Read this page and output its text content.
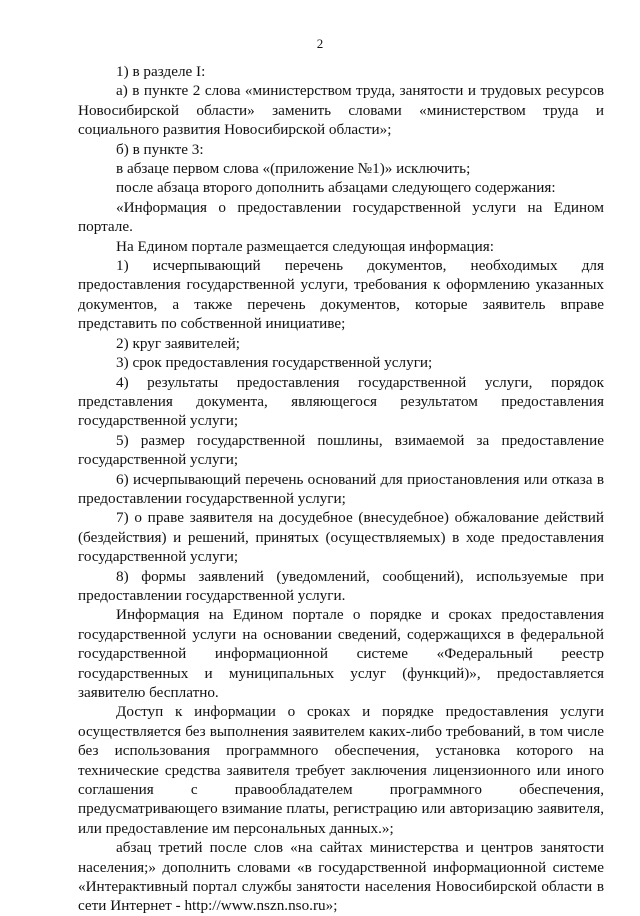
2

1) в разделе I:

а) в пункте 2 слова «министерством труда, занятости и трудовых ресурсов Новосибирской области» заменить словами «министерством труда и социального развития Новосибирской области»;

б) в пункте 3:

в абзаце первом слова «(приложение №1)» исключить;

после абзаца второго дополнить абзацами следующего содержания:

«Информация о предоставлении государственной услуги на Едином портале.

На Едином портале размещается следующая информация:

1) исчерпывающий перечень документов, необходимых для предоставления государственной услуги, требования к оформлению указанных документов, а также перечень документов, которые заявитель вправе представить по собственной инициативе;

2) круг заявителей;

3) срок предоставления государственной услуги;

4) результаты предоставления государственной услуги, порядок представления документа, являющегося результатом предоставления государственной услуги;

5) размер государственной пошлины, взимаемой за предоставление государственной услуги;

6) исчерпывающий перечень оснований для приостановления или отказа в предоставлении государственной услуги;

7) о праве заявителя на досудебное (внесудебное) обжалование действий (бездействия) и решений, принятых (осуществляемых) в ходе предоставления государственной услуги;

8) формы заявлений (уведомлений, сообщений), используемые при предоставлении государственной услуги.

Информация на Едином портале о порядке и сроках предоставления государственной услуги на основании сведений, содержащихся в федеральной государственной информационной системе «Федеральный реестр государственных и муниципальных услуг (функций)», предоставляется заявителю бесплатно.

Доступ к информации о сроках и порядке предоставления услуги осуществляется без выполнения заявителем каких-либо требований, в том числе без использования программного обеспечения, установка которого на технические средства заявителя требует заключения лицензионного или иного соглашения с правообладателем программного обеспечения, предусматривающего взимание платы, регистрацию или авторизацию заявителя, или предоставление им персональных данных.»;

абзац третий после слов «на сайтах министерства и центров занятости населения;» дополнить словами «в государственной информационной системе «Интерактивный портал службы занятости населения Новосибирской области в сети Интернет - http://www.nszn.nso.ru»;
